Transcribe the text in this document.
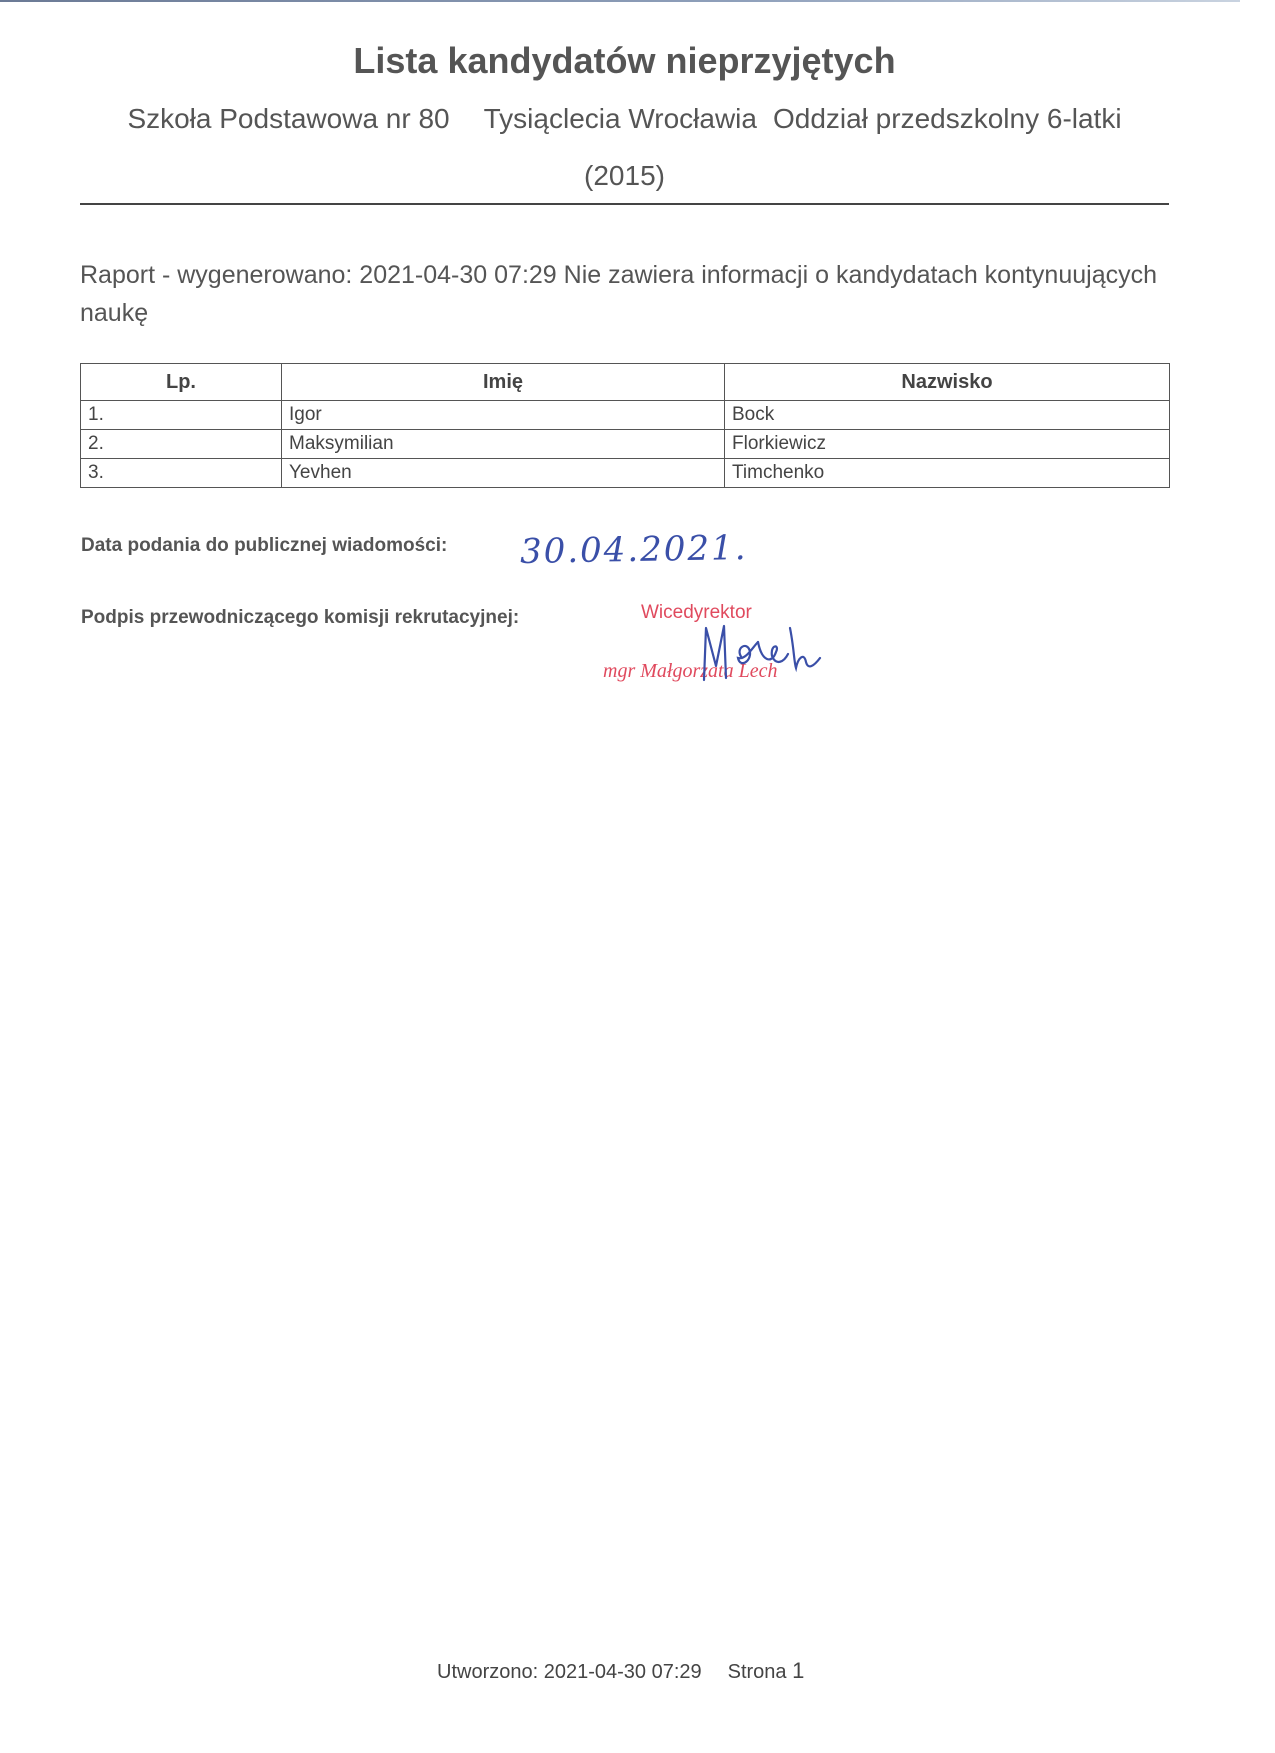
Lista kandydatów nieprzyjętych

Szkoła Podstawowa nr 80 Tysiąclecia Wrocławia Oddział przedszkolny 6-latki

(2015)

Raport - wygenerowano: 2021-04-30 07:29 Nie zawiera informacji o kandydatach kontynuujących naukę

Lp.	Imię	Nazwisko
1.	Igor	Bock
2.	Maksymilian	Florkiewicz
3.	Yevhen	Timchenko

Data podania do publicznej wiadomości: 30.04.2021.

Podpis przewodniczącego komisji rekrutacyjnej:	Wicedyrektor
mgr Małgorzata Lech

Utworzono: 2021-04-30 07:29 Strona 1
